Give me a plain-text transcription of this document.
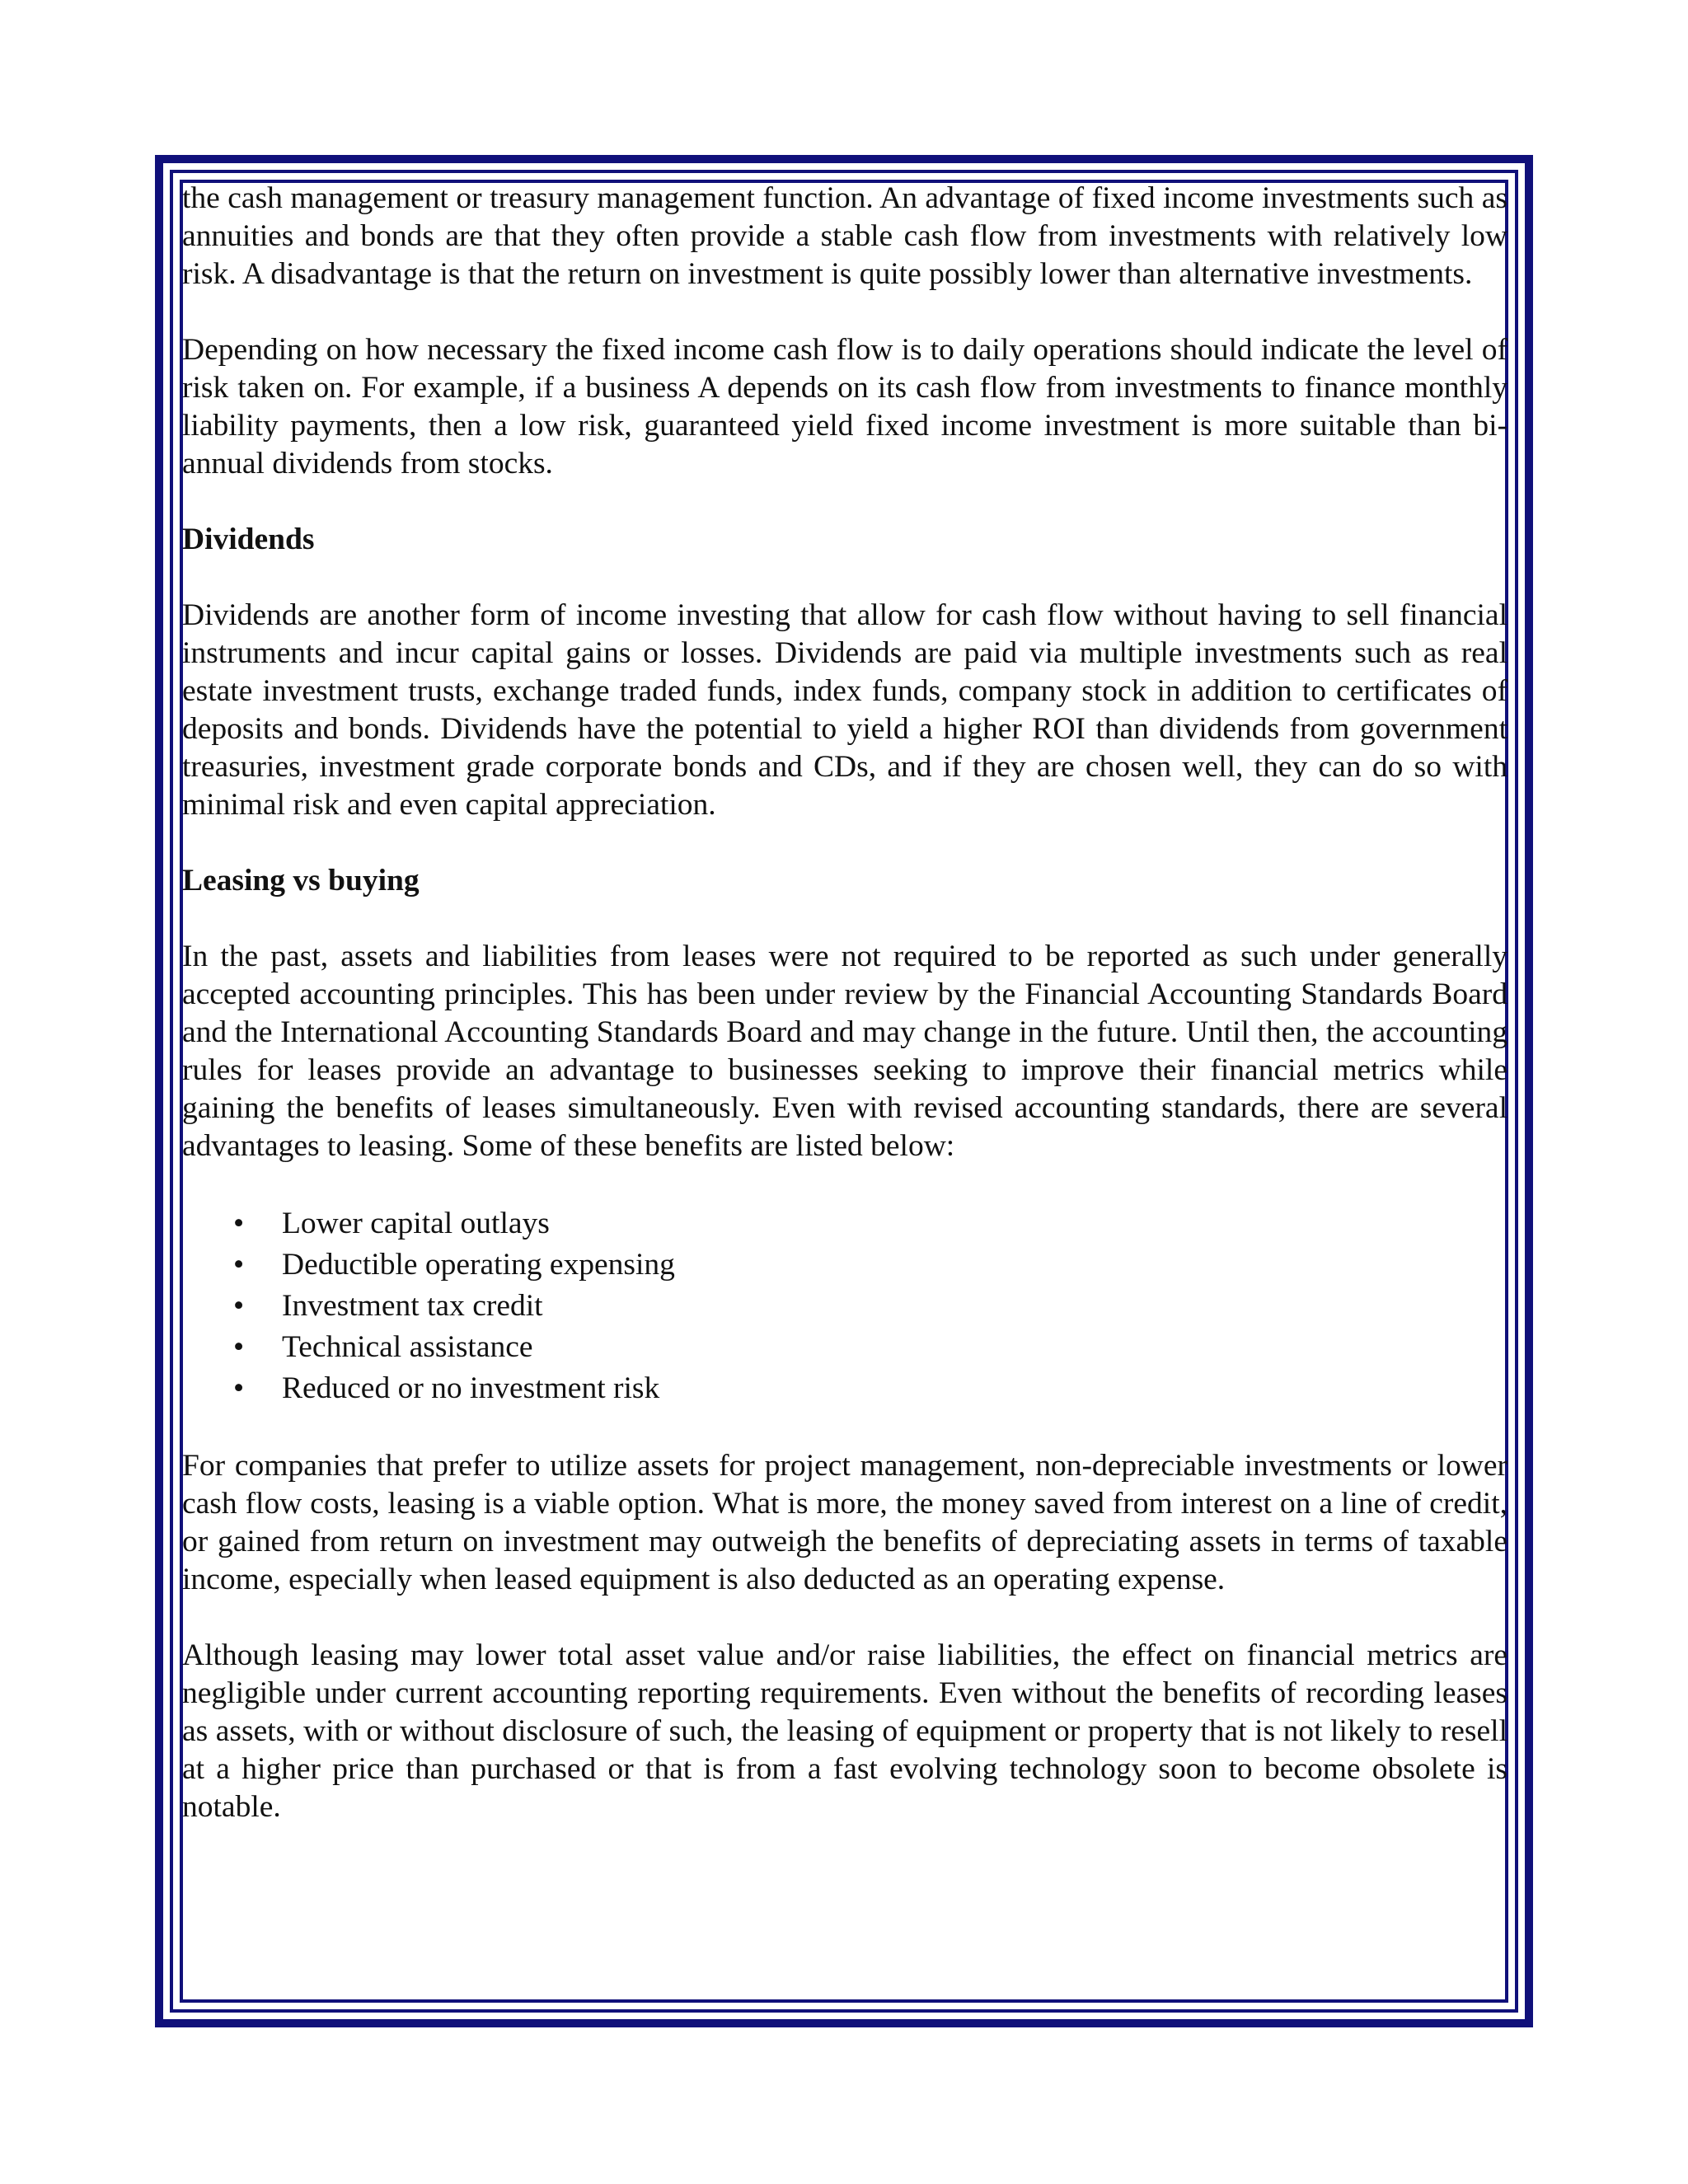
the cash management or treasury management function. An advantage of fixed income investments such as annuities and bonds are that they often provide a stable cash flow from investments with relatively low risk. A disadvantage is that the return on investment is quite possibly lower than alternative investments.

Depending on how necessary the fixed income cash flow is to daily operations should indicate the level of risk taken on. For example, if a business A depends on its cash flow from investments to finance monthly liability payments, then a low risk, guaranteed yield fixed income investment is more suitable than bi-annual dividends from stocks.

Dividends

Dividends are another form of income investing that allow for cash flow without having to sell financial instruments and incur capital gains or losses. Dividends are paid via multiple investments such as real estate investment trusts, exchange traded funds, index funds, company stock in addition to certificates of deposits and bonds. Dividends have the potential to yield a higher ROI than dividends from government treasuries, investment grade corporate bonds and CDs, and if they are chosen well, they can do so with minimal risk and even capital appreciation.

Leasing vs buying

In the past, assets and liabilities from leases were not required to be reported as such under generally accepted accounting principles. This has been under review by the Financial Accounting Standards Board and the International Accounting Standards Board and may change in the future. Until then, the accounting rules for leases provide an advantage to businesses seeking to improve their financial metrics while gaining the benefits of leases simultaneously. Even with revised accounting standards, there are several advantages to leasing. Some of these benefits are listed below:

• Lower capital outlays
• Deductible operating expensing
• Investment tax credit
• Technical assistance
• Reduced or no investment risk

For companies that prefer to utilize assets for project management, non-depreciable investments or lower cash flow costs, leasing is a viable option. What is more, the money saved from interest on a line of credit, or gained from return on investment may outweigh the benefits of depreciating assets in terms of taxable income, especially when leased equipment is also deducted as an operating expense.

Although leasing may lower total asset value and/or raise liabilities, the effect on financial metrics are negligible under current accounting reporting requirements. Even without the benefits of recording leases as assets, with or without disclosure of such, the leasing of equipment or property that is not likely to resell at a higher price than purchased or that is from a fast evolving technology soon to become obsolete is notable.
